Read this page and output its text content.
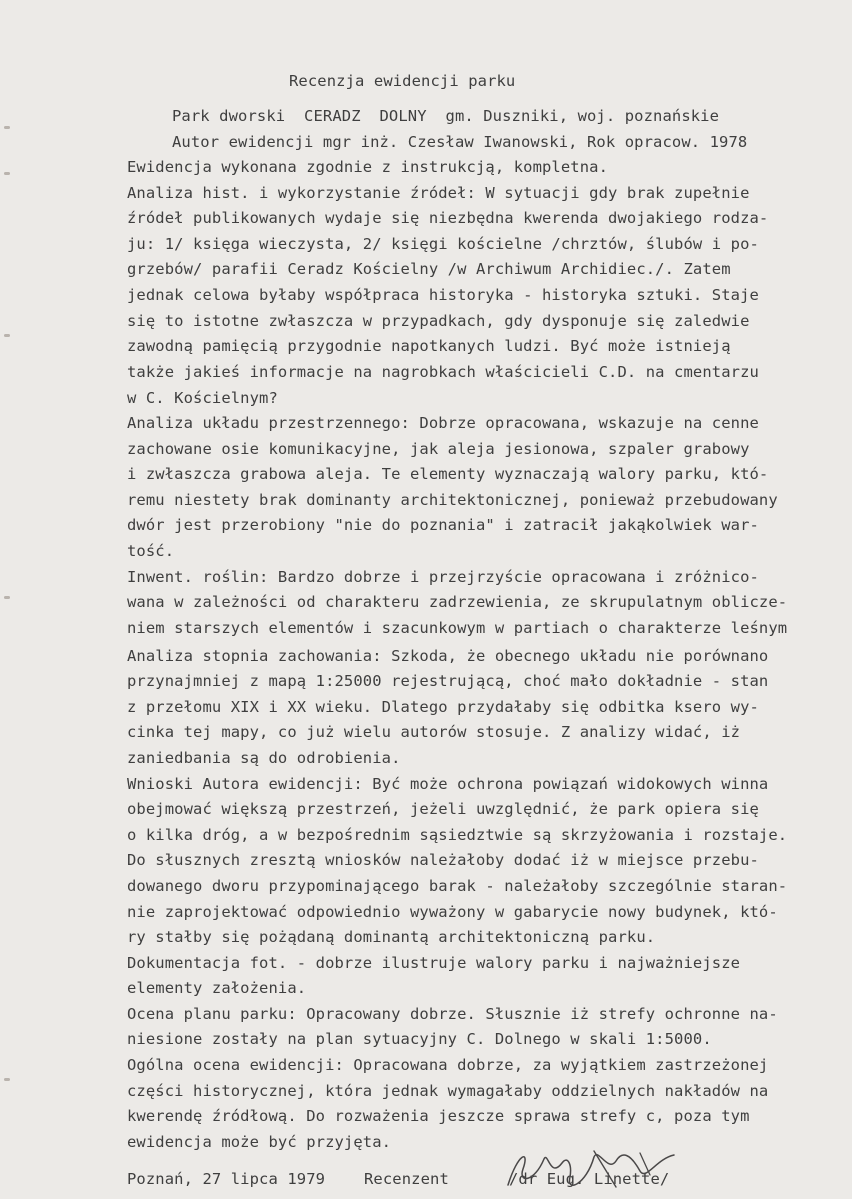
Recenzja ewidencji parku
Park dworski  CERADZ  DOLNY  gm. Duszniki, woj. poznańskie
Autor ewidencji mgr inż. Czesław Iwanowski, Rok opracow. 1978
Ewidencja wykonana zgodnie z instrukcją, kompletna.
Analiza hist. i wykorzystanie źródeł: W sytuacji gdy brak zupełnie
źródeł publikowanych wydaje się niezbędna kwerenda dwojakiego rodza-
ju: 1/ księga wieczysta, 2/ księgi kościelne /chrztów, ślubów i po-
grzebów/ parafii Ceradz Kościelny /w Archiwum Archidiec./. Zatem
jednak celowa byłaby współpraca historyka - historyka sztuki. Staje
się to istotne zwłaszcza w przypadkach, gdy dysponuje się zaledwie
zawodną pamięcią przygodnie napotkanych ludzi. Być może istnieją
także jakieś informacje na nagrobkach właścicieli C.D. na cmentarzu
w C. Kościelnym?
Analiza układu przestrzennego: Dobrze opracowana, wskazuje na cenne
zachowane osie komunikacyjne, jak aleja jesionowa, szpaler grabowy
i zwłaszcza grabowa aleja. Te elementy wyznaczają walory parku, któ-
remu niestety brak dominanty architektonicznej, ponieważ przebudowany
dwór jest przerobiony "nie do poznania" i zatracił jakąkolwiek war-
tość.
Inwent. roślin: Bardzo dobrze i przejrzyście opracowana i zróżnico-
wana w zależności od charakteru zadrzewienia, ze skrupulatnym oblicze-
niem starszych elementów i szacunkowym w partiach o charakterze leśnym
Analiza stopnia zachowania: Szkoda, że obecnego układu nie porównano
przynajmniej z mapą 1:25000 rejestrującą, choć mało dokładnie - stan
z przełomu XIX i XX wieku. Dlatego przydałaby się odbitka ksero wy-
cinka tej mapy, co już wielu autorów stosuje. Z analizy widać, iż
zaniedbania są do odrobienia.
Wnioski Autora ewidencji: Być może ochrona powiązań widokowych winna
obejmować większą przestrzeń, jeżeli uwzględnić, że park opiera się
o kilka dróg, a w bezpośrednim sąsiedztwie są skrzyżowania i rozstaje.
Do słusznych zresztą wniosków należałoby dodać iż w miejsce przebu-
dowanego dworu przypominającego barak - należałoby szczególnie staran-
nie zaprojektować odpowiednio wyważony w gabarycie nowy budynek, któ-
ry stałby się pożądaną dominantą architektoniczną parku.
Dokumentacja fot. - dobrze ilustruje walory parku i najważniejsze
elementy założenia.
Ocena planu parku: Opracowany dobrze. Słusznie iż strefy ochronne na-
niesione zostały na plan sytuacyjny C. Dolnego w skali 1:5000.
Ogólna ocena ewidencji: Opracowana dobrze, za wyjątkiem zastrzeżonej
części historycznej, która jednak wymagałaby oddzielnych nakładów na
kwerendę źródłową. Do rozważenia jeszcze sprawa strefy c, poza tym
ewidencja może być przyjęta.
Poznań, 27 lipca 1979	Recenzent	/dr Eug. Linette/
